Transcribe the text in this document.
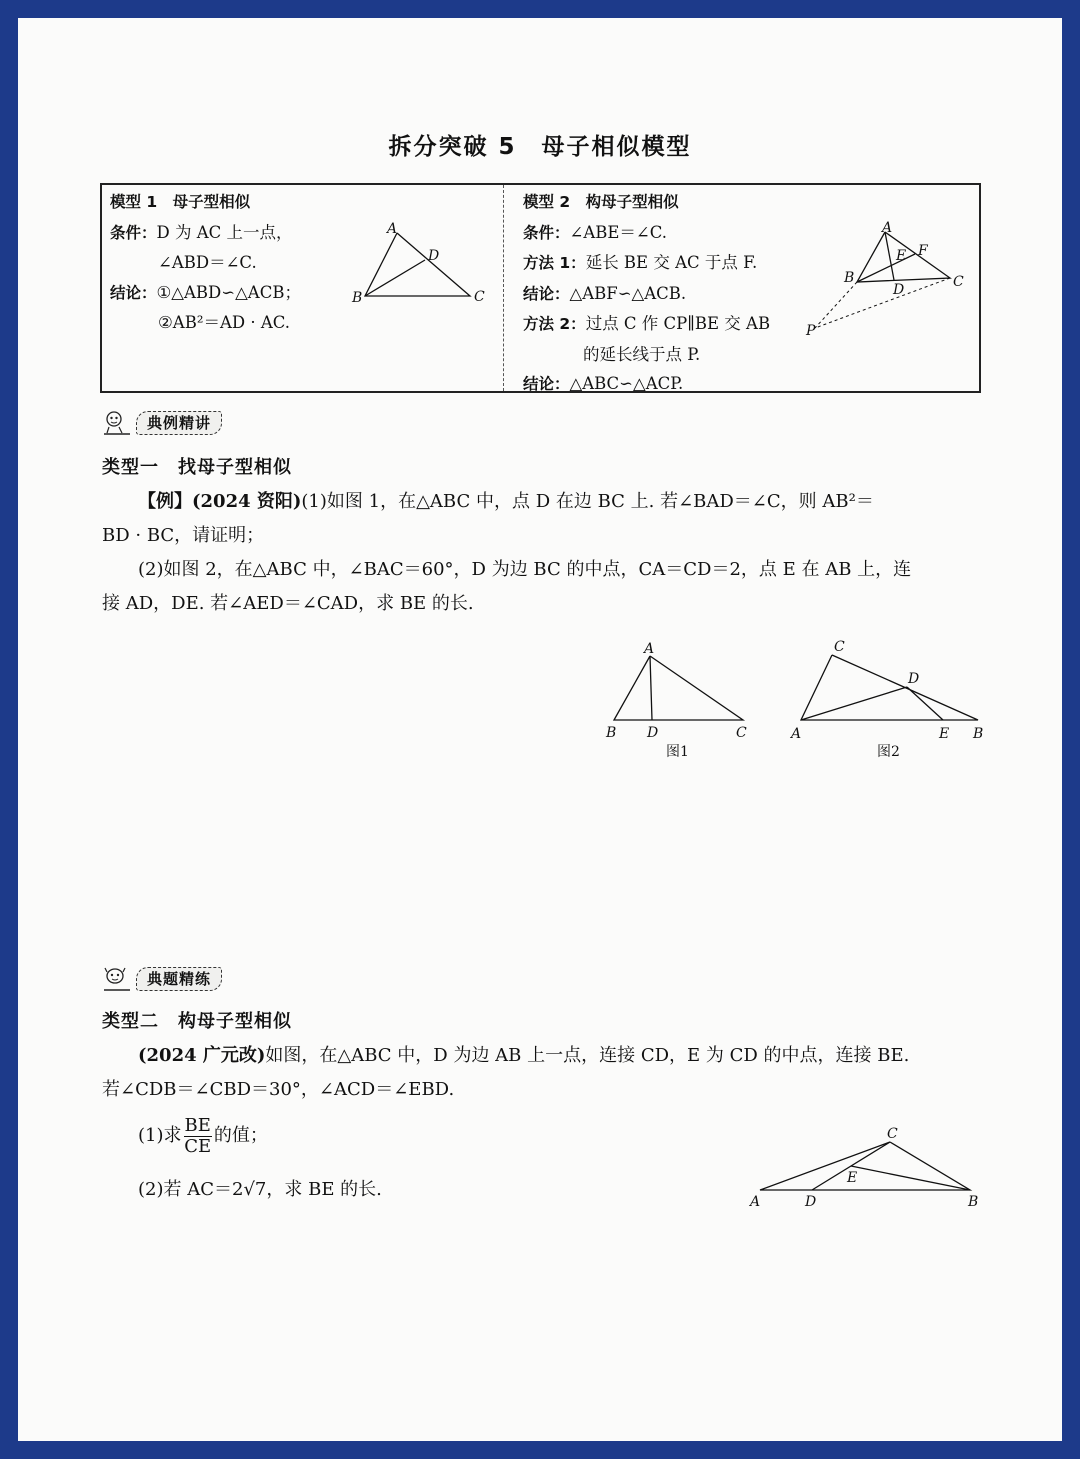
拆分突破 5　母子相似模型
模型 1　母子型相似
条件：D 为 AC 上一点，
∠ABD＝∠C.
结论：①△ABD∽△ACB；
②AB²＝AD · AC.
A
B	C
D
模型 2　构母子型相似
条件：∠ABE＝∠C.
方法 1：延长 BE 交 AC 于点 F.
结论：△ABF∽△ACB.
方法 2：过点 C 作 CP∥BE 交 AB
的延长线于点 P.
结论：△ABC∽△ACP.
A
B	C
D
E F
P
典例精讲
类型一　找母子型相似
【例】(2024 资阳)(1)如图 1，在△ABC 中，点 D 在边 BC 上. 若∠BAD＝∠C，则 AB²＝
BD · BC，请证明；
(2)如图 2，在△ABC 中，∠BAC＝60°，D 为边 BC 的中点，CA＝CD＝2，点 E 在 AB 上，连
接 AD，DE. 若∠AED＝∠CAD，求 BE 的长.
A
B D	C
图1
C
D
A	E B
图2
典题精练
类型二　构母子型相似
(2024 广元改)如图，在△ABC 中，D 为边 AB 上一点，连接 CD，E 为 CD 的中点，连接 BE.
若∠CDB＝∠CBD＝30°，∠ACD＝∠EBD.
(1)求 $\frac{BE}{CE}$ 的值；
(2)若 AC＝2√7，求 BE 的长.
C
E
A	D	B
